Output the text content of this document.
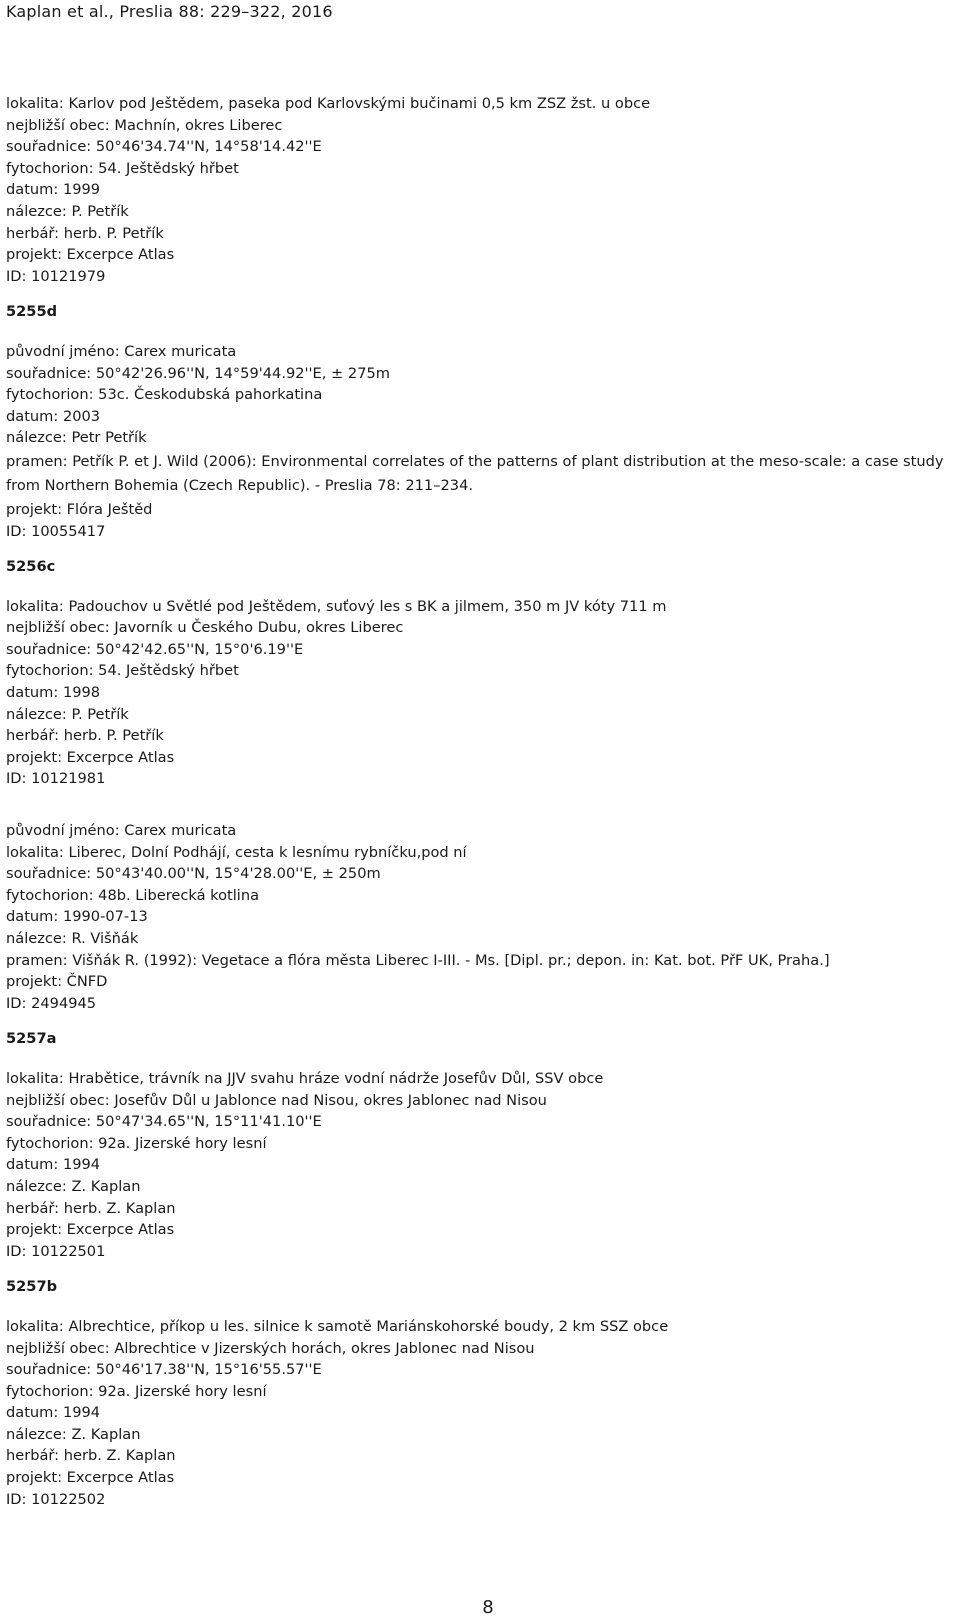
Kaplan et al., Preslia 88: 229–322, 2016
lokalita: Karlov pod Ještědem, paseka pod Karlovskými bučinami 0,5 km ZSZ žst. u obce
nejbližší obec: Machnín, okres Liberec
souřadnice: 50°46'34.74''N, 14°58'14.42''E
fytochorion: 54. Ještědský hřbet
datum: 1999
nálezce: P. Petřík
herbář: herb. P. Petřík
projekt: Excerpce Atlas
ID: 10121979
5255d
původní jméno: Carex muricata
souřadnice: 50°42'26.96''N, 14°59'44.92''E, ± 275m
fytochorion: 53c. Českodubská pahorkatina
datum: 2003
nálezce: Petr Petřík
pramen: Petřík P. et J. Wild (2006): Environmental correlates of the patterns of plant distribution at the meso-scale: a case study from Northern Bohemia (Czech Republic). - Preslia 78: 211–234.
projekt: Flóra Ještěd
ID: 10055417
5256c
lokalita: Padouchov u Světlé pod Ještědem, suťový les s BK a jilmem, 350 m JV kóty 711 m
nejbližší obec: Javorník u Českého Dubu, okres Liberec
souřadnice: 50°42'42.65''N, 15°0'6.19''E
fytochorion: 54. Ještědský hřbet
datum: 1998
nálezce: P. Petřík
herbář: herb. P. Petřík
projekt: Excerpce Atlas
ID: 10121981
původní jméno: Carex muricata
lokalita: Liberec, Dolní Podhájí, cesta k lesnímu rybníčku,pod ní
souřadnice: 50°43'40.00''N, 15°4'28.00''E, ± 250m
fytochorion: 48b. Liberecká kotlina
datum: 1990-07-13
nálezce: R. Višňák
pramen: Višňák R. (1992): Vegetace a flóra města Liberec I-III. - Ms. [Dipl. pr.; depon. in: Kat. bot. PřF UK, Praha.]
projekt: ČNFD
ID: 2494945
5257a
lokalita: Hrabětice, trávník na JJV svahu hráze vodní nádrže Josefův Důl, SSV obce
nejbližší obec: Josefův Důl u Jablonce nad Nisou, okres Jablonec nad Nisou
souřadnice: 50°47'34.65''N, 15°11'41.10''E
fytochorion: 92a. Jizerské hory lesní
datum: 1994
nálezce: Z. Kaplan
herbář: herb. Z. Kaplan
projekt: Excerpce Atlas
ID: 10122501
5257b
lokalita: Albrechtice, příkop u les. silnice k samotě Mariánskohorské boudy, 2 km SSZ obce
nejbližší obec: Albrechtice v Jizerských horách, okres Jablonec nad Nisou
souřadnice: 50°46'17.38''N, 15°16'55.57''E
fytochorion: 92a. Jizerské hory lesní
datum: 1994
nálezce: Z. Kaplan
herbář: herb. Z. Kaplan
projekt: Excerpce Atlas
ID: 10122502
8
